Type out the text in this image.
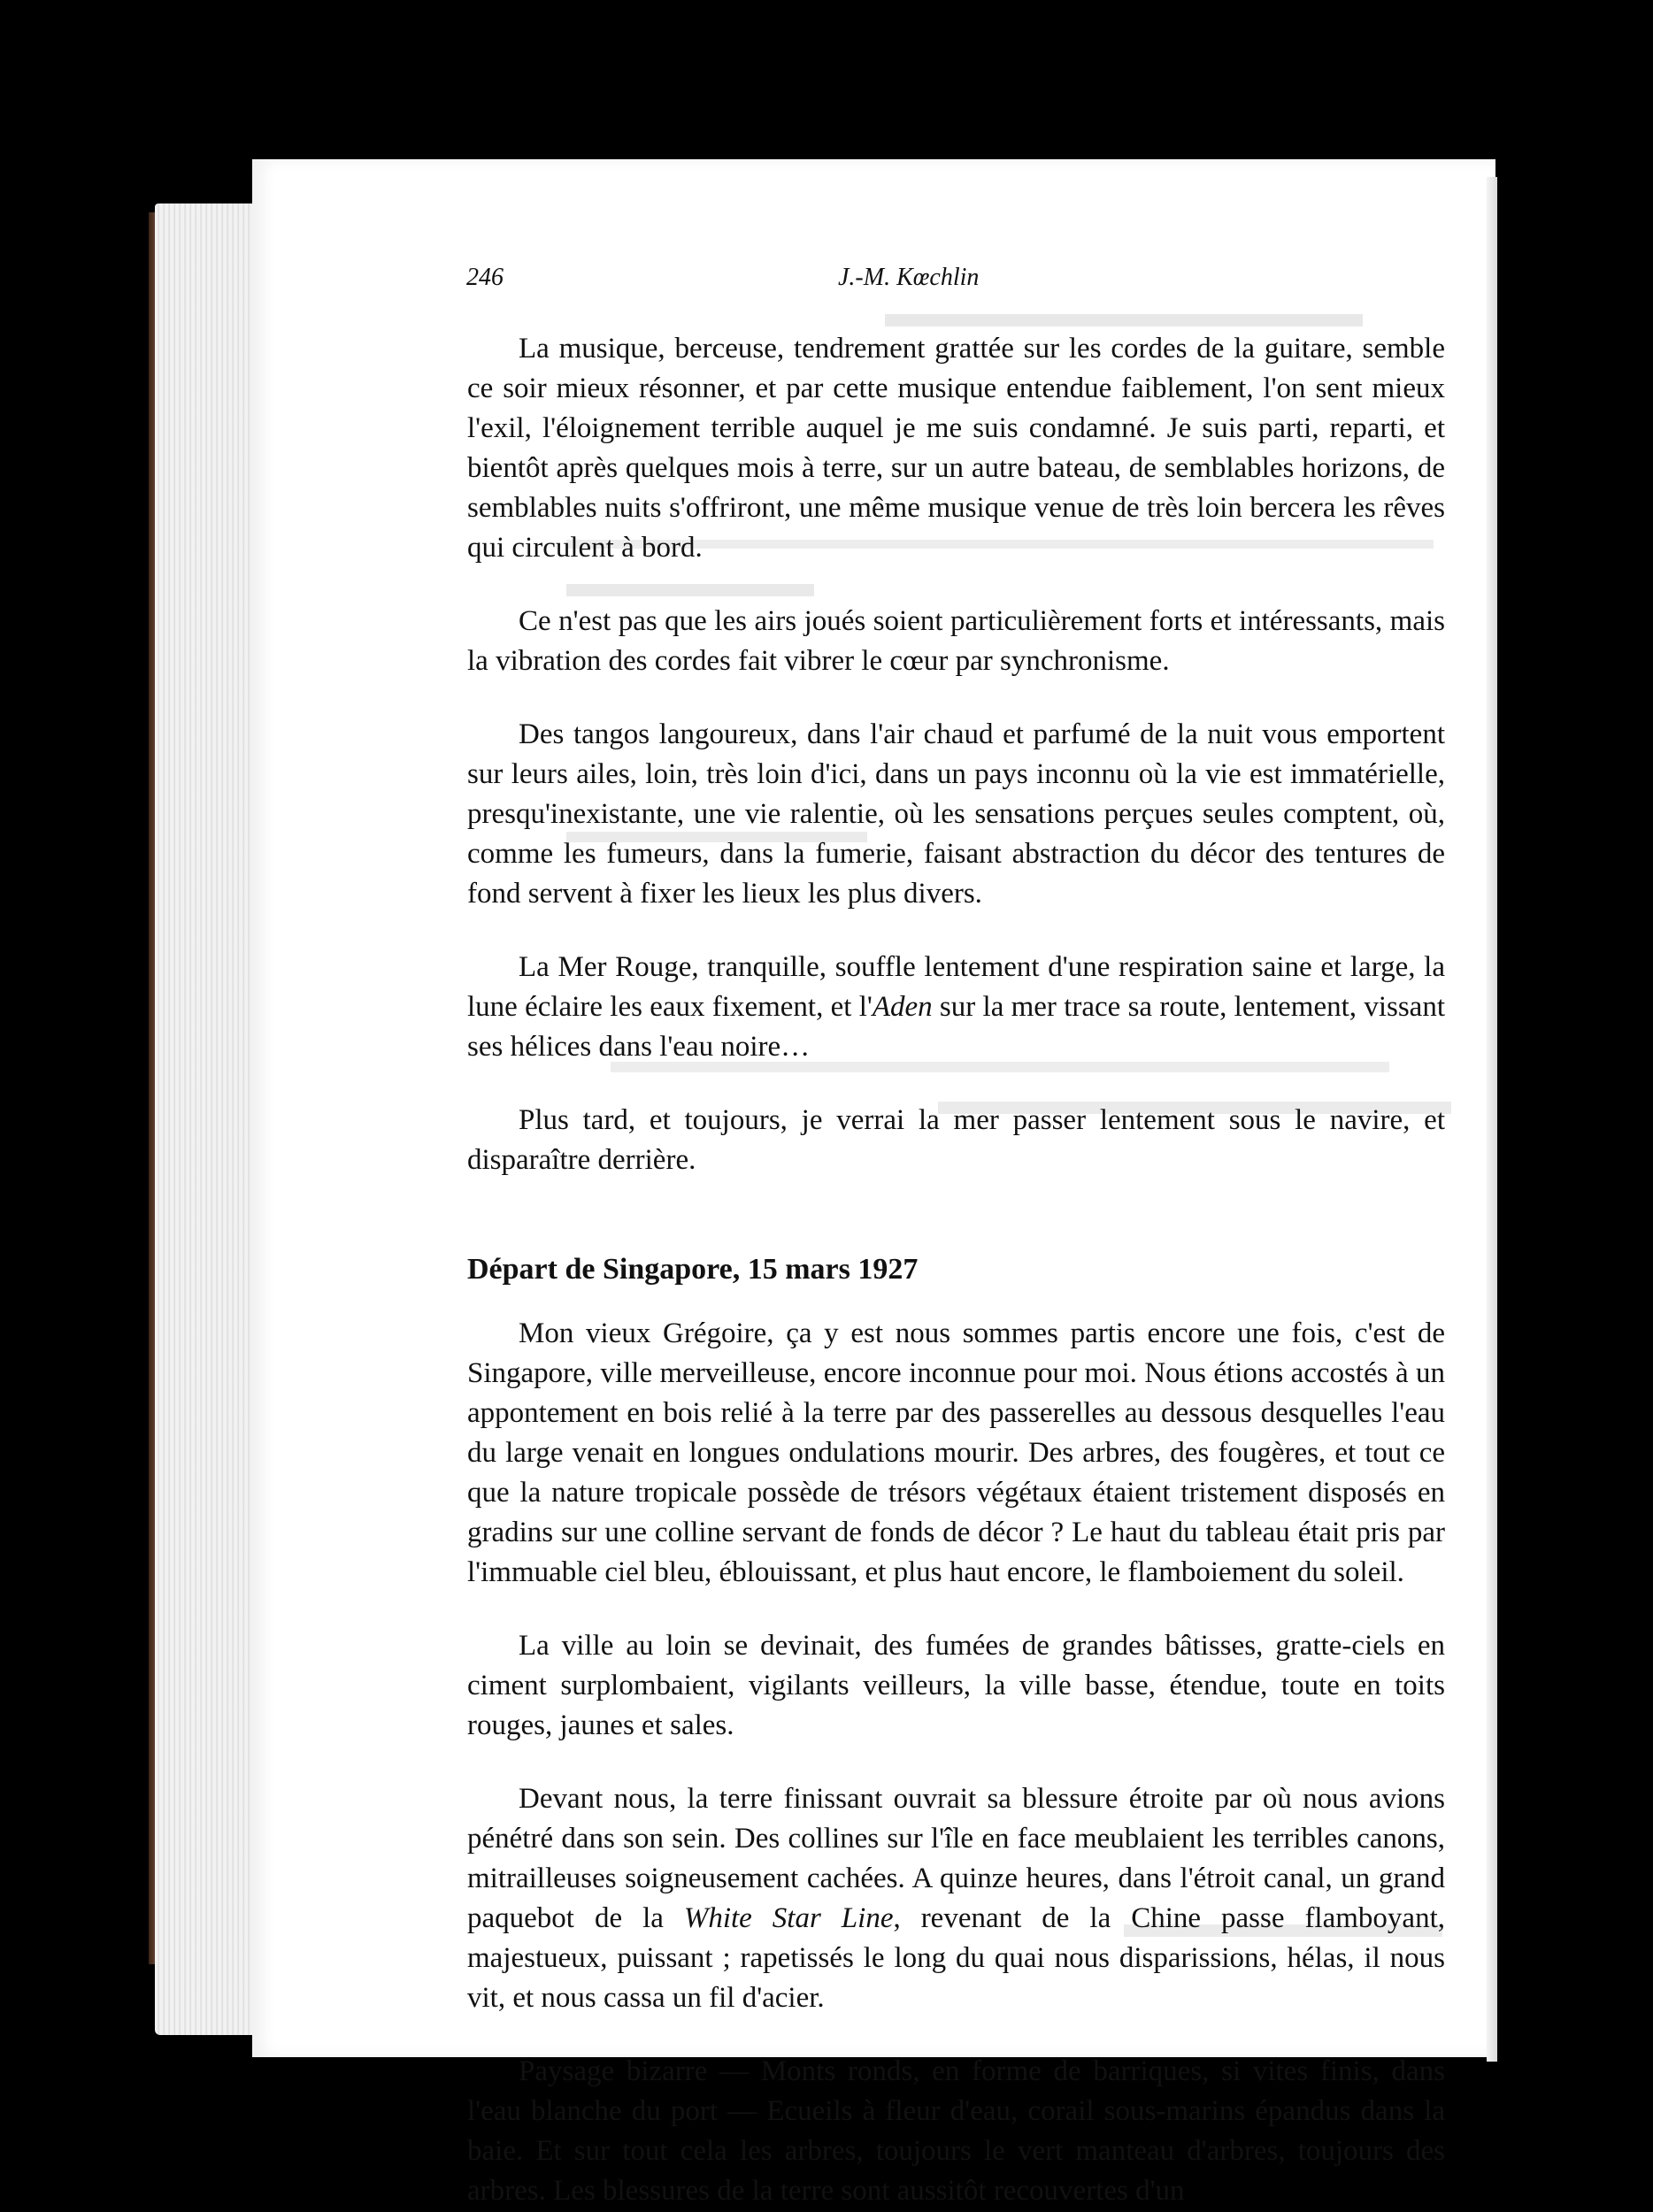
246	J.-M. Kœchlin

La musique, berceuse, tendrement grattée sur les cordes de la guitare, semble ce soir mieux résonner, et par cette musique entendue faiblement, l'on sent mieux l'exil, l'éloignement terrible auquel je me suis condamné. Je suis parti, reparti, et bientôt après quelques mois à terre, sur un autre bateau, de semblables horizons, de semblables nuits s'offriront, une même musique venue de très loin bercera les rêves qui circulent à bord.

Ce n'est pas que les airs joués soient particulièrement forts et intéressants, mais la vibration des cordes fait vibrer le cœur par synchronisme.

Des tangos langoureux, dans l'air chaud et parfumé de la nuit vous emportent sur leurs ailes, loin, très loin d'ici, dans un pays inconnu où la vie est immatérielle, presqu'inexistante, une vie ralentie, où les sensations perçues seules comptent, où, comme les fumeurs, dans la fumerie, faisant abstraction du décor des tentures de fond servent à fixer les lieux les plus divers.

La Mer Rouge, tranquille, souffle lentement d'une respiration saine et large, la lune éclaire les eaux fixement, et l'Aden sur la mer trace sa route, lentement, vissant ses hélices dans l'eau noire…

Plus tard, et toujours, je verrai la mer passer lentement sous le navire, et disparaître derrière.

Départ de Singapore, 15 mars 1927

Mon vieux Grégoire, ça y est nous sommes partis encore une fois, c'est de Singapore, ville merveilleuse, encore inconnue pour moi. Nous étions accostés à un appontement en bois relié à la terre par des passerelles au dessous desquelles l'eau du large venait en longues ondulations mourir. Des arbres, des fougères, et tout ce que la nature tropicale possède de trésors végétaux étaient tristement disposés en gradins sur une colline servant de fonds de décor ? Le haut du tableau était pris par l'immuable ciel bleu, éblouissant, et plus haut encore, le flamboiement du soleil.

La ville au loin se devinait, des fumées de grandes bâtisses, gratte-ciels en ciment surplombaient, vigilants veilleurs, la ville basse, étendue, toute en toits rouges, jaunes et sales.

Devant nous, la terre finissant ouvrait sa blessure étroite par où nous avions pénétré dans son sein. Des collines sur l'île en face meublaient les terribles canons, mitrailleuses soigneusement cachées. A quinze heures, dans l'étroit canal, un grand paquebot de la White Star Line, revenant de la Chine passe flamboyant, majestueux, puissant ; rapetissés le long du quai nous disparissions, hélas, il nous vit, et nous cassa un fil d'acier.

Paysage bizarre — Monts ronds, en forme de barriques, si vites finis, dans l'eau blanche du port — Ecueils à fleur d'eau, corail sous-marins épandus dans la baie. Et sur tout cela les arbres, toujours le vert manteau d'arbres, toujours des arbres. Les blessures de la terre sont aussitôt recouvertes d'un
